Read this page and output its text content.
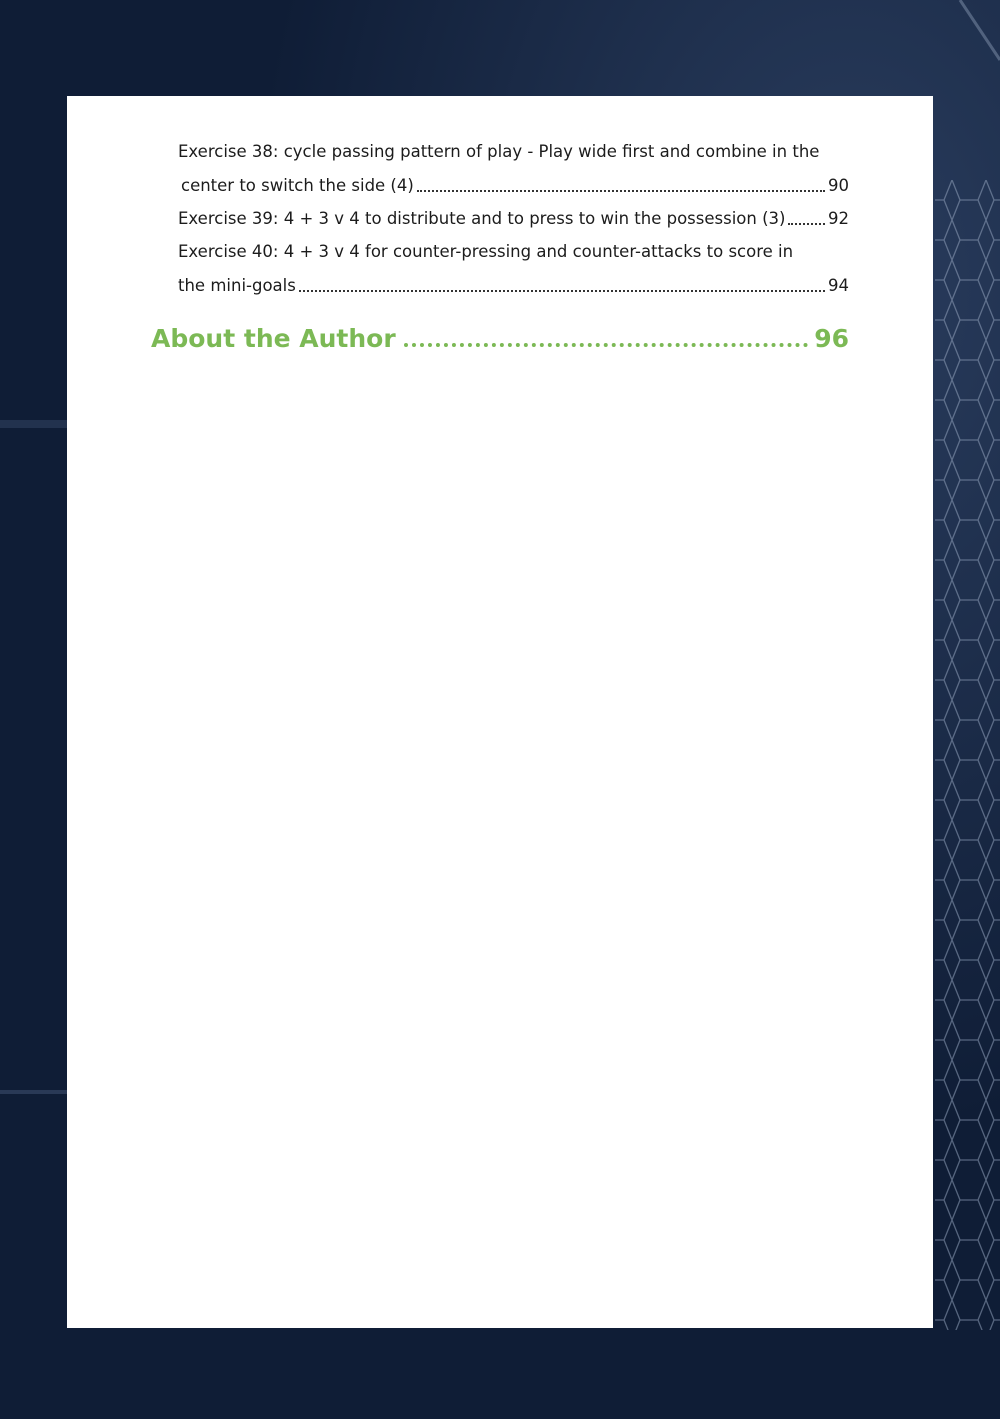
Exercise 38: cycle passing pattern of play - Play wide first and combine in the
center to switch the side (4)	90
Exercise 39: 4 + 3 v 4 to distribute and to press to win the possession (3)	92
Exercise 40: 4 + 3 v 4 for counter-pressing and counter-attacks to score in
the mini-goals	94
About the Author	96
